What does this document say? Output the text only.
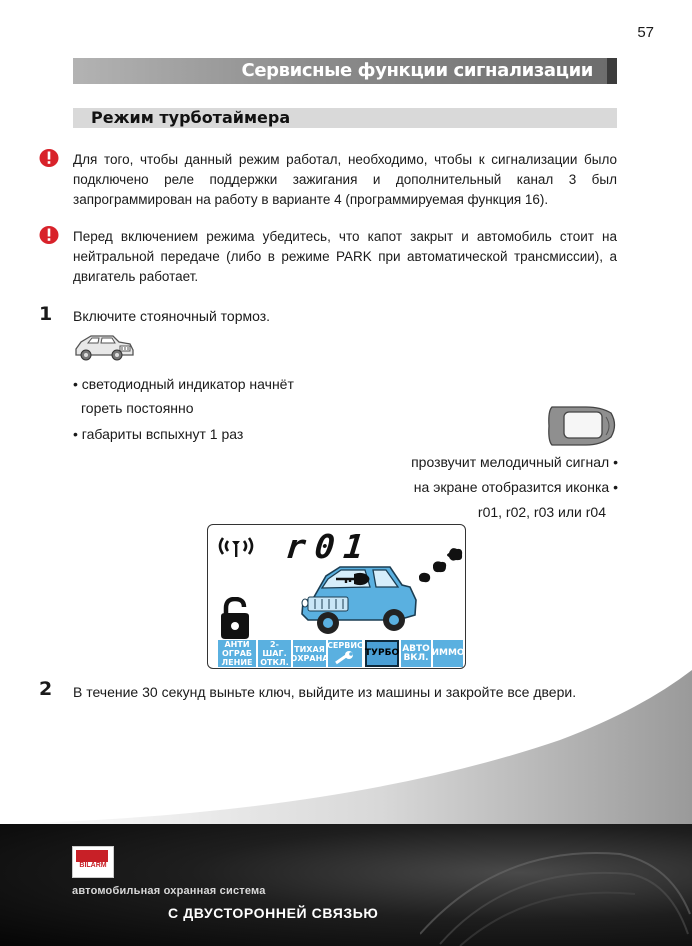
57
Сервисные функции сигнализации
Режим турботаймера
Для того, чтобы данный режим работал, необходимо, чтобы к сигнализации было подключено реле поддержки зажигания и дополнительный канал 3 был запрограммирован на работу в варианте 4 (программируемая функция 16).
Перед включением режима убедитесь, что капот закрыт и автомобиль стоит на нейтральной передаче (либо в режиме PARK при автоматической трансмиссии), а двигатель работает.
1 Включите стояночный тормоз.
• светодиодный индикатор начнёт
гореть постоянно
• габариты вспыхнут 1 раз
прозвучит мелодичный сигнал •
на экране отобразится иконка •
r01, r02, r03 или r04
r01
АНТИ ОГРАБ ЛЕНИЕ
2-ШАГ. ОТКЛ.
ТИХАЯ ОХРАНА
СЕРВИС
ТУРБО АВТО ВКЛ. ИММО
2 В течение 30 секунд выньте ключ, выйдите из машины и закройте все двери.
BILARM
автомобильная охранная система
С ДВУСТОРОННЕЙ СВЯЗЬЮ
